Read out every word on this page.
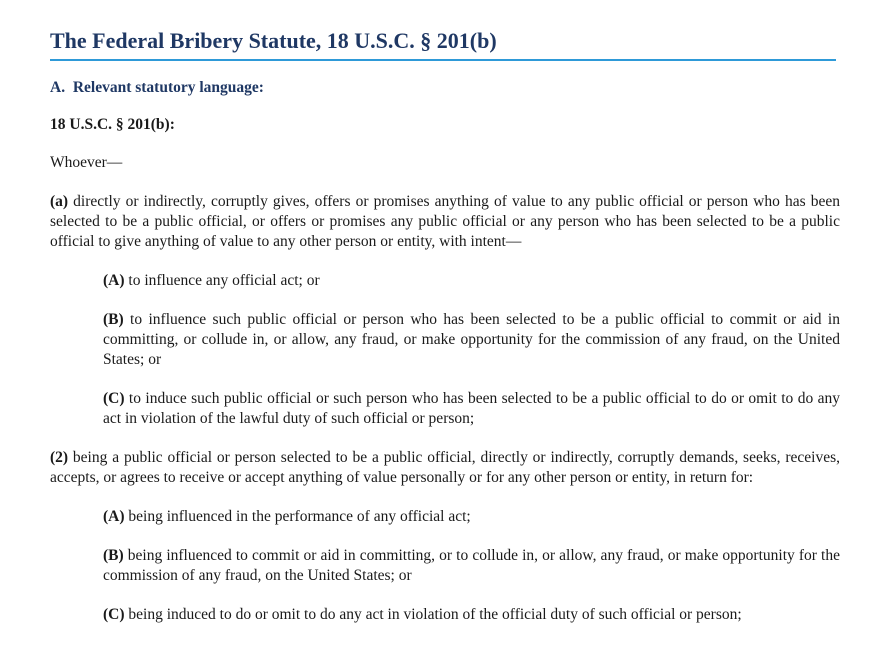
The Federal Bribery Statute, 18 U.S.C. § 201(b)
A.  Relevant statutory language:
18 U.S.C. § 201(b):
Whoever—
(a) directly or indirectly, corruptly gives, offers or promises anything of value to any public official or person who has been selected to be a public official, or offers or promises any public official or any person who has been selected to be a public official to give anything of value to any other person or entity, with intent—
(A) to influence any official act; or
(B) to influence such public official or person who has been selected to be a public official to commit or aid in committing, or collude in, or allow, any fraud, or make opportunity for the commission of any fraud, on the United States; or
(C) to induce such public official or such person who has been selected to be a public official to do or omit to do any act in violation of the lawful duty of such official or person;
(2) being a public official or person selected to be a public official, directly or indirectly, corruptly demands, seeks, receives, accepts, or agrees to receive or accept anything of value personally or for any other person or entity, in return for:
(A) being influenced in the performance of any official act;
(B) being influenced to commit or aid in committing, or to collude in, or allow, any fraud, or make opportunity for the commission of any fraud, on the United States; or
(C) being induced to do or omit to do any act in violation of the official duty of such official or person;
